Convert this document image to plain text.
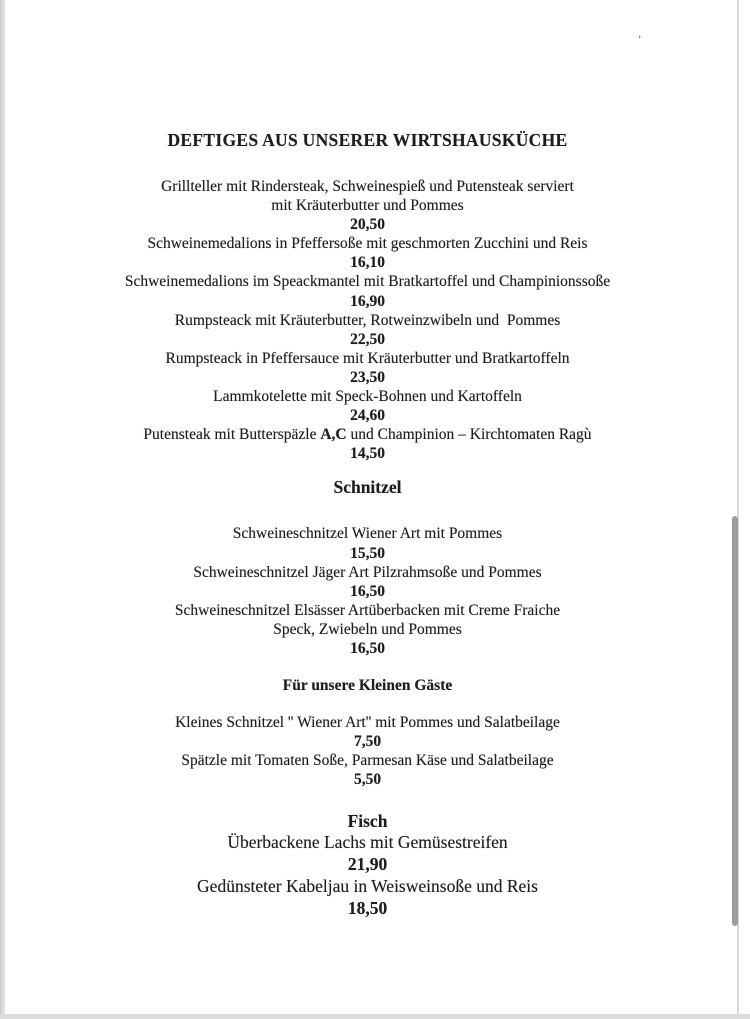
DEFTIGES AUS UNSERER WIRTSHAUSKÜCHE
Grillteller mit Rindersteak, Schweinespieß und Putensteak serviert
mit Kräuterbutter und Pommes
20,50
Schweinemedalions in Pfeffersoße mit geschmorten Zucchini und Reis
16,10
Schweinemedalions im Speackmantel mit Bratkartoffel und Champinionssoße
16,90
Rumpsteack mit Kräuterbutter, Rotweinzwibeln und  Pommes
22,50
Rumpsteack in Pfeffersauce mit Kräuterbutter und Bratkartoffeln
23,50
Lammkotelette mit Speck-Bohnen und Kartoffeln
24,60
Putensteak mit Butterspäzle A,C und Champinion – Kirchtomaten Ragù
14,50
Schnitzel
Schweineschnitzel Wiener Art mit Pommes
15,50
Schweineschnitzel Jäger Art Pilzrahmsoße und Pommes
16,50
Schweineschnitzel Elsässer Artüberbacken mit Creme Fraiche
Speck, Zwiebeln und Pommes
16,50
Für unsere Kleinen Gäste
Kleines Schnitzel '' Wiener Art'' mit Pommes und Salatbeilage
7,50
Spätzle mit Tomaten Soße, Parmesan Käse und Salatbeilage
5,50
Fisch
Überbackene Lachs mit Gemüsestreifen
21,90
Gedünsteter Kabeljau in Weisweinsoße und Reis
18,50
ʼ
